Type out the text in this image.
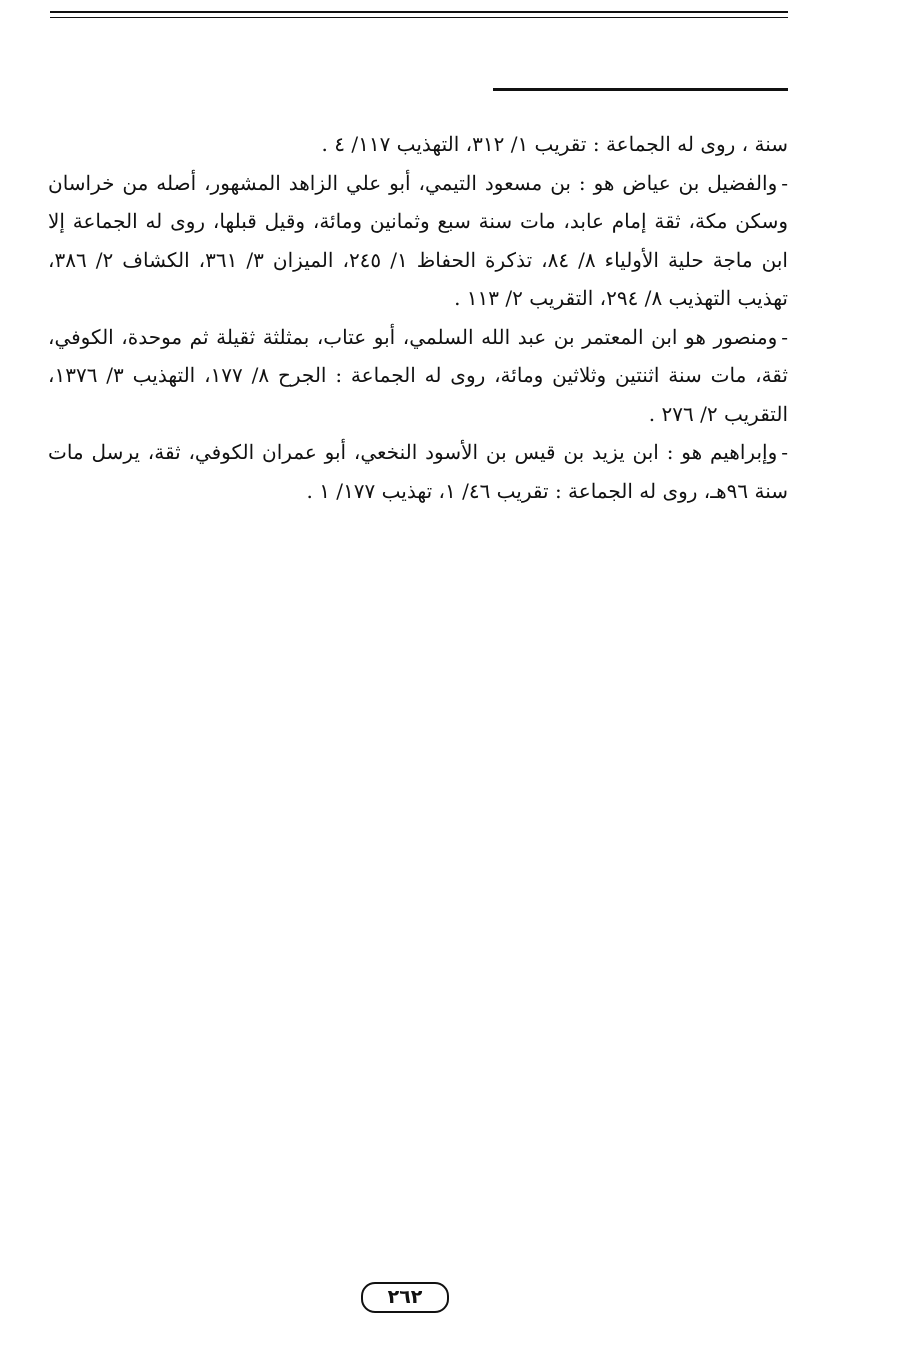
سنة ، روى له الجماعة : تقريب ١/ ٣١٢، التهذيب ١١٧/ ٤ .

-والفضيل بن عياض هو : بن مسعود التيمي، أبو علي الزاهد المشهور، أصله من خراسان وسكن مكة، ثقة إمام عابد، مات سنة سبع وثمانين ومائة، وقيل قبلها، روى له الجماعة إلا ابن ماجة حلية الأولياء ٨/ ٨٤، تذكرة الحفاظ ١/ ٢٤٥، الميزان ٣/ ٣٦١، الكشاف ٢/ ٣٨٦، تهذيب التهذيب ٨/ ٢٩٤، التقريب ٢/ ١١٣ .

-ومنصور هو ابن المعتمر بن عبد الله السلمي، أبو عتاب، بمثلثة ثقيلة ثم موحدة، الكوفي، ثقة، مات سنة اثنتين وثلاثين ومائة، روى له الجماعة : الجرح ٨/ ١٧٧، التهذيب ٣/ ١٣٧٦، التقريب ٢/ ٢٧٦ .

-وإبراهيم هو : ابن يزيد بن قيس بن الأسود النخعي، أبو عمران الكوفي، ثقة، يرسل مات سنة ٩٦هـ، روى له الجماعة : تقريب ٤٦/ ١، تهذيب ١٧٧/ ١ .

٢٦٢
